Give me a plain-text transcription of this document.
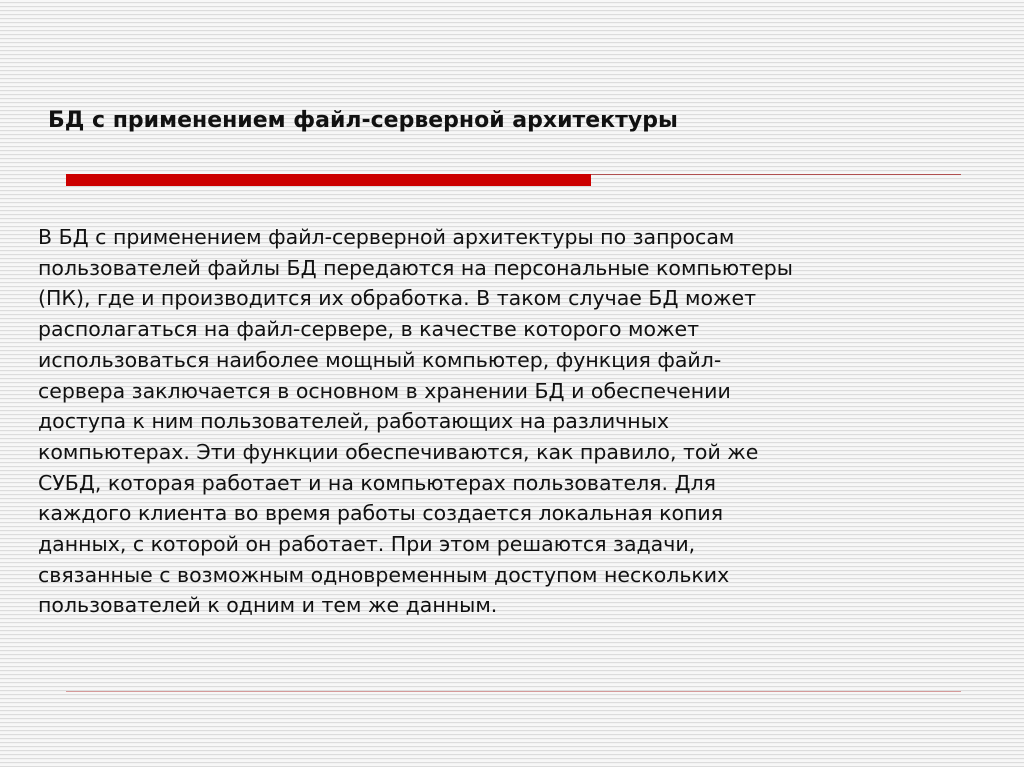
БД с применением файл-серверной архитектуры
В БД с применением файл-серверной архитектуры по запросам
пользователей файлы БД передаются на персональные компьютеры
(ПК), где и производится их обработка. В таком случае БД может
располагаться на файл-сервере, в качестве которого может
использоваться наиболее мощный компьютер, функция файл-
сервера заключается в основном в хранении БД и обеспечении
доступа к ним пользователей, работающих на различных
компьютерах. Эти функции обеспечиваются, как правило, той же
СУБД, которая работает и на компьютерах пользователя. Для
каждого клиента во время работы создается локальная копия
данных, с которой он работает. При этом решаются задачи,
связанные с возможным одновременным доступом нескольких
пользователей к одним и тем же данным.
